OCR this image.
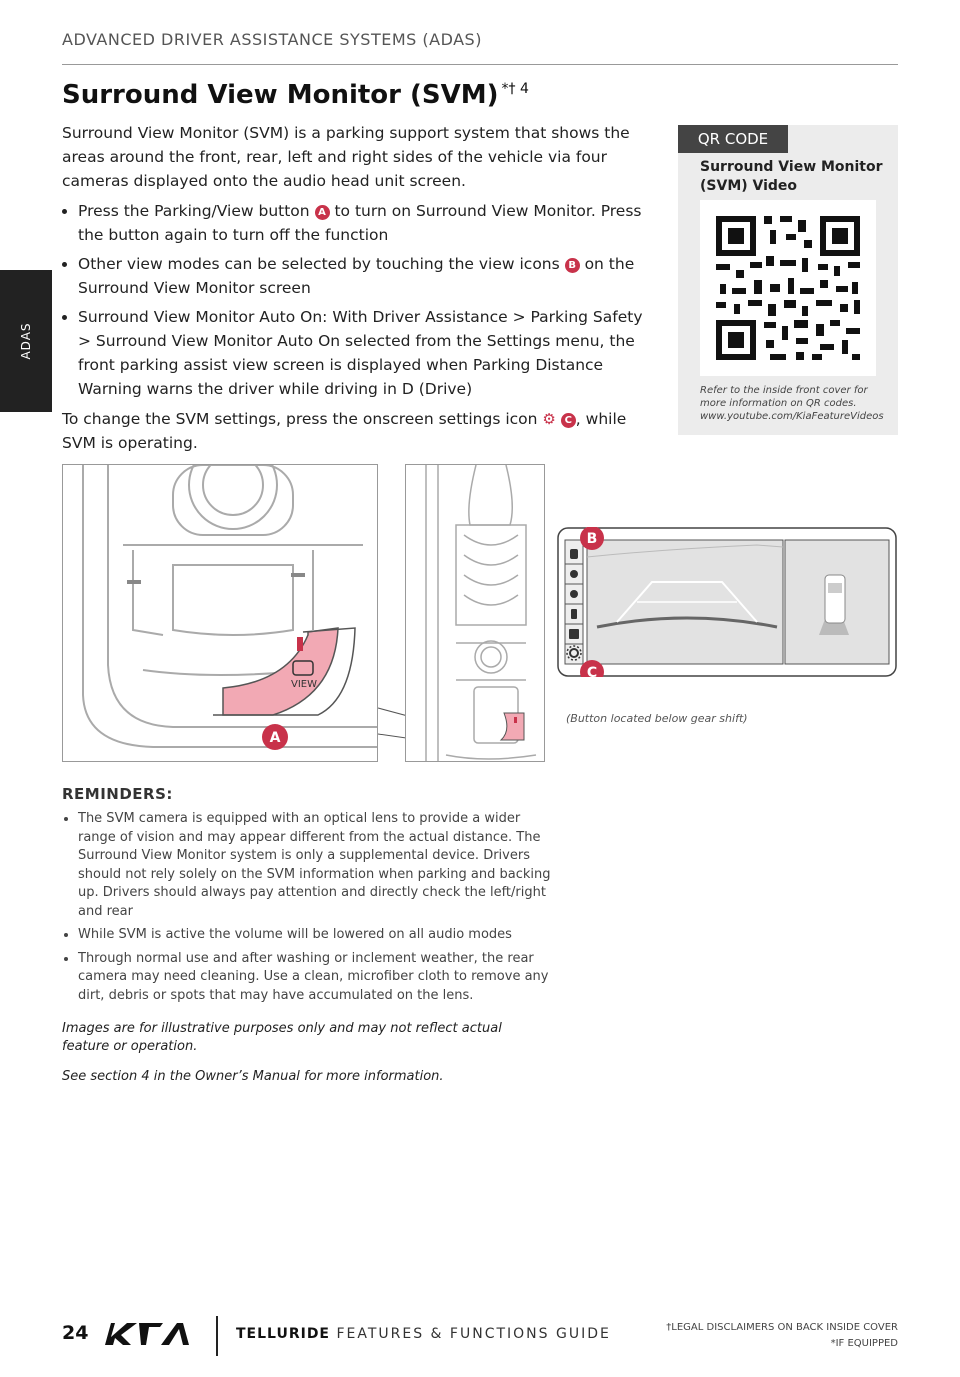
ADVANCED DRIVER ASSISTANCE SYSTEMS (ADAS)
ADAS
Surround View Monitor (SVM) $^{*\dagger 4}$
Surround View Monitor (SVM) is a parking support system that shows the areas around the front, rear, left and right sides of the vehicle via four cameras displayed onto the audio head unit screen.
• Press the Parking/View button A to turn on Surround View Monitor. Press the button again to turn off the function
• Other view modes can be selected by touching the view icons B on the Surround View Monitor screen
• Surround View Monitor Auto On: With Driver Assistance > Parking Safety > Surround View Monitor Auto On selected from the Settings menu, the front parking assist view screen is displayed when Parking Distance Warning warns the driver while driving in D (Drive)
To change the SVM settings, press the onscreen settings icon ⚙ C , while SVM is operating.
QR CODE
Surround View Monitor (SVM) Video
Refer to the inside front cover for more information on QR codes. www.youtube.com/KiaFeatureVideos
VIEW
A
B
C
(Button located below gear shift)
REMINDERS:
• The SVM camera is equipped with an optical lens to provide a wider range of vision and may appear different from the actual distance. The Surround View Monitor system is only a supplemental device. Drivers should not rely solely on the SVM information when parking and backing up. Drivers should always pay attention and directly check the left/right and rear
• While SVM is active the volume will be lowered on all audio modes
• Through normal use and after washing or inclement weather, the rear camera may need cleaning. Use a clean, microfiber cloth to remove any dirt, debris or spots that may have accumulated on the lens.

Images are for illustrative purposes only and may not reflect actual feature or operation.

See section 4 in the Owner’s Manual for more information.

24	TELLURIDE FEATURES & FUNCTIONS GUIDE	†LEGAL DISCLAIMERS ON BACK INSIDE COVER
*IF EQUIPPED
